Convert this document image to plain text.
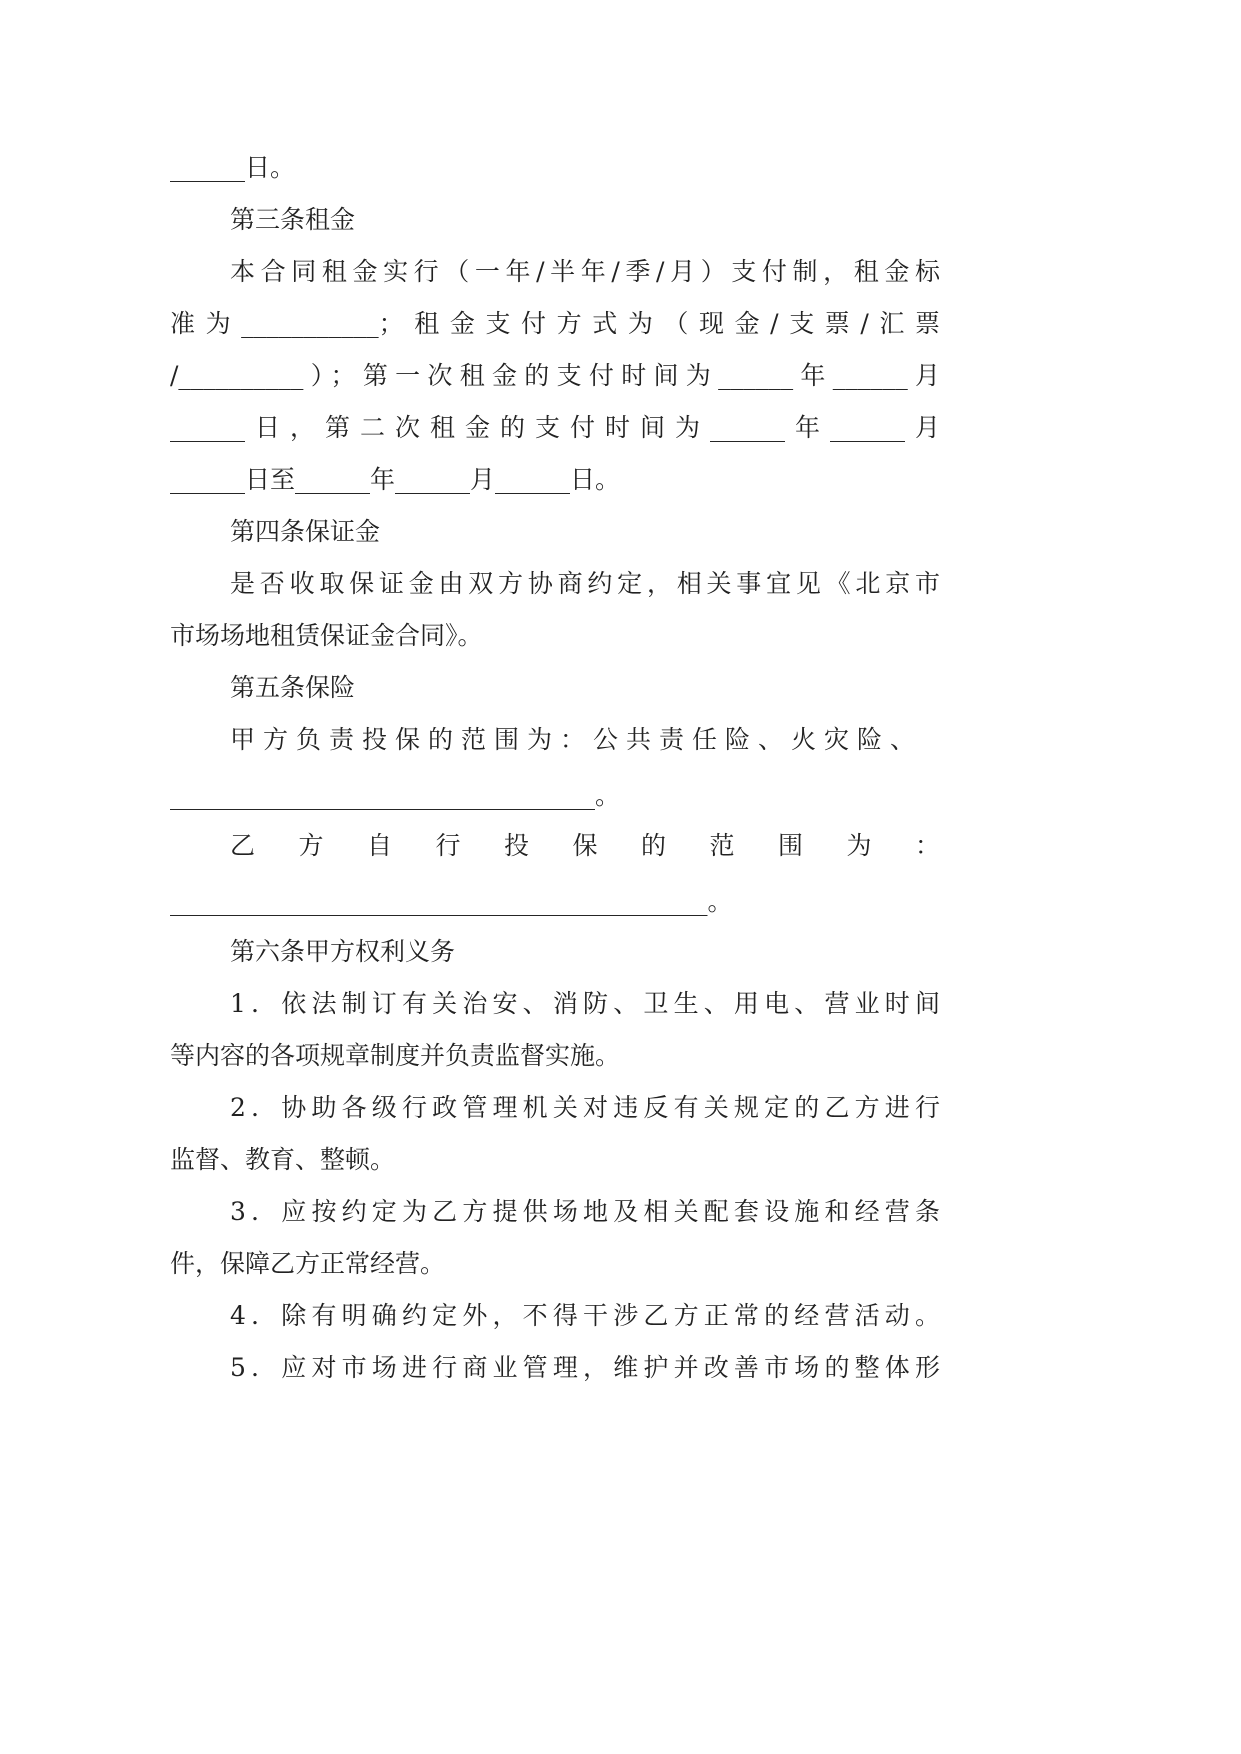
______日。
第三条租金
本合同租金实行（一年/半年/季/月）支付制，租金标
准为___________；租金支付方式为（现金/支票/汇票
/__________）；第一次租金的支付时间为______年______月
______日，第二次租金的支付时间为______年______月
______日至______年______月______日。
第四条保证金
是否收取保证金由双方协商约定，相关事宜见《北京市
市场场地租赁保证金合同》。
第五条保险
甲方负责投保的范围为：公共责任险、火灾险、
__________________________________。
乙方自行投保的范围为：
___________________________________________。
第六条甲方权利义务
1．依法制订有关治安、消防、卫生、用电、营业时间
等内容的各项规章制度并负责监督实施。
2．协助各级行政管理机关对违反有关规定的乙方进行
监督、教育、整顿。
3．应按约定为乙方提供场地及相关配套设施和经营条
件，保障乙方正常经营。
4．除有明确约定外，不得干涉乙方正常的经营活动。
5．应对市场进行商业管理，维护并改善市场的整体形
